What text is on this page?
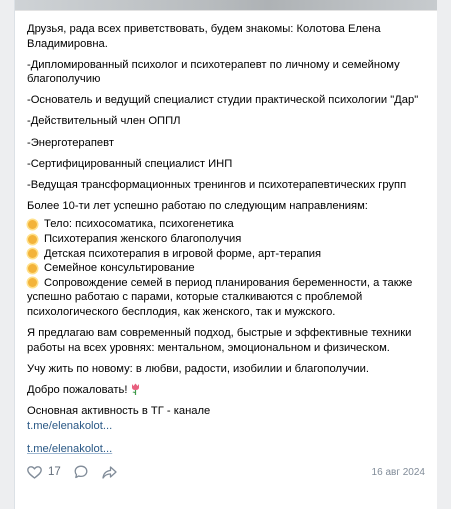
Друзья, рада всех приветствовать, будем знакомы: Колотова Елена Владимировна.

-Дипломированный психолог и психотерапевт по личному и семейному благополучию

-Основатель и ведущий специалист студии практической психологии "Дар"

-Действительный член ОППЛ

-Энерготерапевт

-Сертифицированный специалист ИНП

-Ведущая трансформационных тренингов и психотерапевтических групп

Более 10-ти лет успешно работаю по следующим направлениям:

Тело: психосоматика, психогенетика
Психотерапия женского благополучия
Детская психотерапия в игровой форме, арт-терапия
Семейное консультирование
Сопровождение семей в период планирования беременности, а также успешно работаю с парами, которые сталкиваются с проблемой психологического бесплодия, как женского, так и мужского.

Я предлагаю вам современный подход, быстрые и эффективные техники работы на всех уровнях: ментальном, эмоциональном и физическом.

Учу жить по новому: в любви, радости, изобилии и благополучии.

Добро пожаловать!

Основная активность в ТГ - канале
t.me/elenakolot...

t.me/elenakolot...
17	16 авг 2024
